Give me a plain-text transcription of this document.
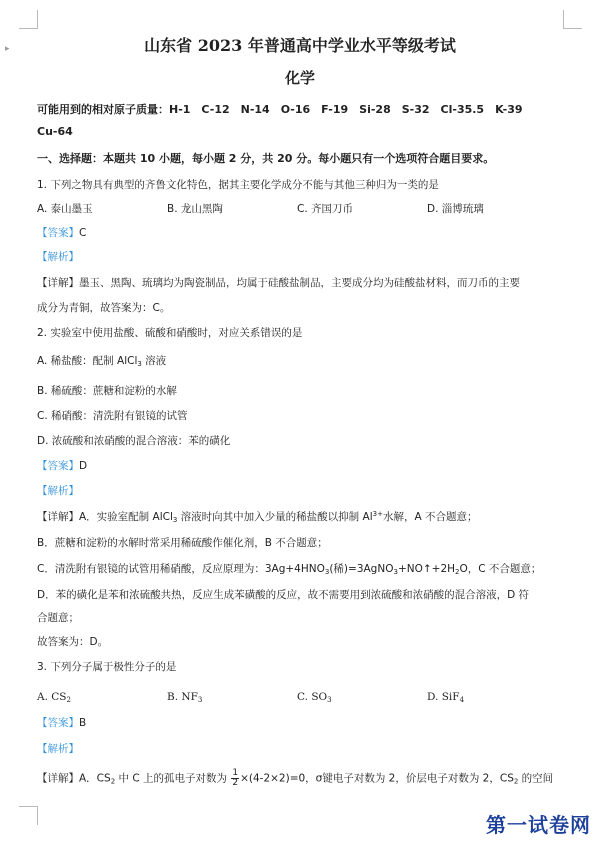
▸	山东省 2023 年普通高中学业水平等级考试
化学
可能用到的相对原子质量：H-1　C-12　N-14　O-16　F-19　Si-28　S-32　Cl-35.5　K-39
Cu-64
一、选择题：本题共 10 小题，每小题 2 分，共 20 分。每小题只有一个选项符合题目要求。
1. 下列之物具有典型的齐鲁文化特色，据其主要化学成分不能与其他三种归为一类的是
A. 泰山墨玉	B. 龙山黑陶	C. 齐国刀币	D. 淄博琉璃
【答案】C
【解析】
【详解】墨玉、黑陶、琉璃均为陶瓷制品，均属于硅酸盐制品，主要成分均为硅酸盐材料，而刀币的主要
成分为青铜，故答案为：C。
2. 实验室中使用盐酸、硫酸和硝酸时，对应关系错误的是
A. 稀盐酸：配制 AlCl$_3$ 溶液
B. 稀硫酸：蔗糖和淀粉的水解
C. 稀硝酸：清洗附有银镜的试管
D. 浓硫酸和浓硝酸的混合溶液：苯的磺化
【答案】D
【解析】
【详解】A．实验室配制 AlCl$_3$ 溶液时向其中加入少量的稀盐酸以抑制 $Al^{3+}$水解，A 不合题意；
B．蔗糖和淀粉的水解时常采用稀硫酸作催化剂，B 不合题意；
C．清洗附有银镜的试管用稀硝酸，反应原理为：$3Ag+4HNO_3$(稀)$=3AgNO_3+NO↑+2H_2O$，C 不合题意；
D．苯的磺化是苯和浓硫酸共热，反应生成苯磺酸的反应，故不需要用到浓硫酸和浓硝酸的混合溶液，D 符
合题意；
故答案为：D。
3. 下列分子属于极性分子的是
A. $CS_2$	B. $NF_3$	C. $SO_3$	D. SiF$_4$
【答案】B
【解析】
【详解】A．$CS_2$ 中 C 上的孤电子对数为 $\frac{1}{2} \times(4-2\times 2)=0$，σ键电子对数为 2，价层电子对数为 2，$CS_2$ 的空间
第一试卷网
